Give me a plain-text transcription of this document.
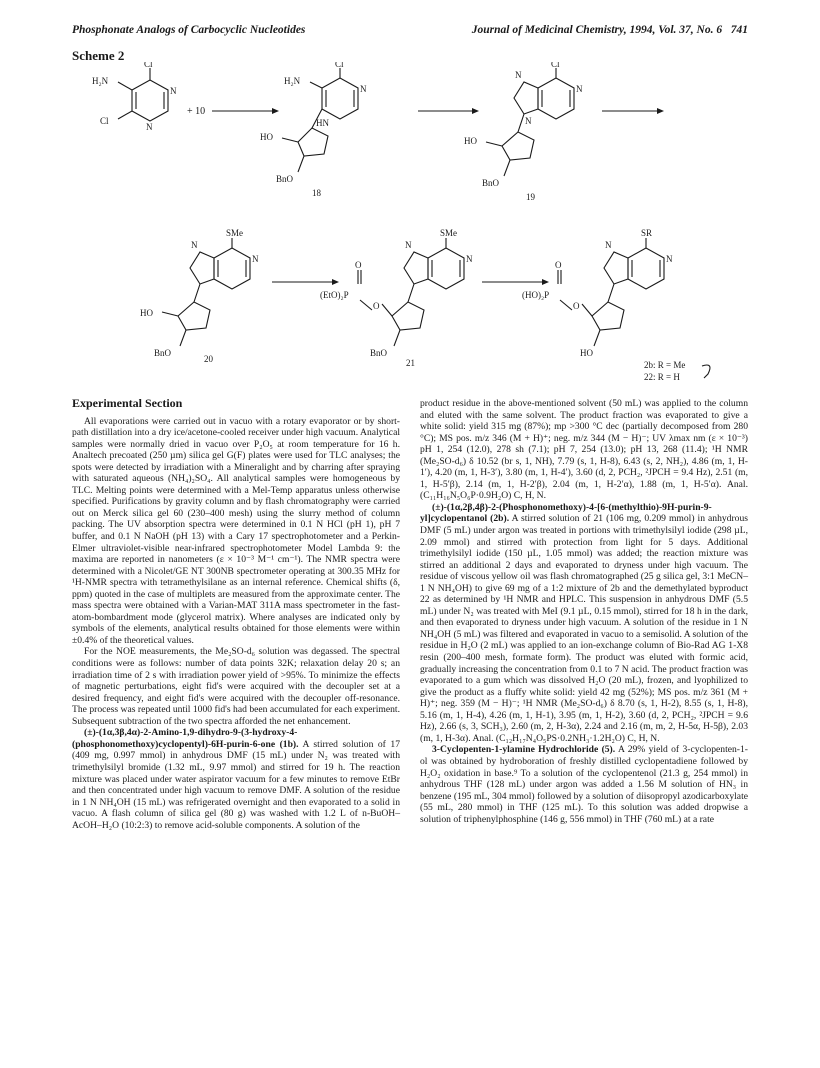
Phosphonate Analogs of Carbocyclic Nucleotides	Journal of Medicinal Chemistry, 1994, Vol. 37, No. 6 741
Scheme 2
Cl
H₂N
N
N
Cl
+ 10
Cl
H₂N
N
HN
HO
BnO
18
Cl
N
N
N
HO
BnO
19
SMe
N
N
HO
BnO
20
SMe
N
N
O
(EtO)₂P
O
BnO
21
SR
N
N
O
(HO)₂P
O
HO
2b: R = Me
22: R = H
Experimental Section

All evaporations were carried out in vacuo with a rotary evaporator or by short-path distillation into a dry ice/acetone-cooled receiver under high vacuum. Analytical samples were normally dried in vacuo over P₂O₅ at room temperature for 16 h. Analtech precoated (250 µm) silica gel G(F) plates were used for TLC analyses; the spots were detected by irradiation with a Mineralight and by charring after spraying with saturated aqueous (NH₄)₂SO₄. All analytical samples were homogeneous by TLC. Melting points were determined with a Mel-Temp apparatus unless otherwise specified. Purifications by gravity column and by flash chromatography were carried out on Merck silica gel 60 (230–400 mesh) using the slurry method of column packing. The UV absorption spectra were determined in 0.1 N HCl (pH 1), pH 7 buffer, and 0.1 N NaOH (pH 13) with a Cary 17 spectrophotometer and a Perkin-Elmer ultraviolet-visible near-infrared spectrophotometer Model Lambda 9: the maxima are reported in nanometers (ε × 10⁻³ M⁻¹ cm⁻¹). The NMR spectra were determined with a Nicolet/GE NT 300NB spectrometer operating at 300.35 MHz for ¹H-NMR spectra with tetramethylsilane as an internal reference. Chemical shifts (δ, ppm) quoted in the case of multiplets are measured from the approximate center. The mass spectra were obtained with a Varian-MAT 311A mass spectrometer in the fast-atom-bombardment mode (glycerol matrix). Where analyses are indicated only by symbols of the elements, analytical results obtained for those elements were within ±0.4% of the theoretical values.

For the NOE measurements, the Me₂SO-d₆ solution was degassed. The spectral conditions were as follows: number of data points 32K; relaxation delay 20 s; an irradiation time of 2 s with irradiation power yield of >95%. To minimize the effects of magnetic perturbations, eight fid's were acquired with the decoupler set at a desired frequency, and eight fid's were acquired with the decoupler off-resonance. The process was repeated until 1000 fid's had been accumulated for each experiment. Subsequent subtraction of the two spectra afforded the net enhancement.

(±)-(1α,3β,4α)-2-Amino-1,9-dihydro-9-(3-hydroxy-4-(phosphonomethoxy)cyclopentyl)-6H-purin-6-one (1b). A stirred solution of 17 (409 mg, 0.997 mmol) in anhydrous DMF (15 mL) under N₂ was treated with trimethylsilyl bromide (1.32 mL, 9.97 mmol) and stirred for 19 h. The reaction mixture was placed under water aspirator vacuum for a few minutes to remove EtBr and then concentrated under high vacuum to remove DMF. A solution of the residue in 1 N NH₄OH (15 mL) was refrigerated overnight and then evaporated to a solid in vacuo. A flash column of silica gel (80 g) was washed with 1.2 L of n-BuOH–AcOH–H₂O (10:2:3) to remove acid-soluble components. A solution of the

product residue in the above-mentioned solvent (50 mL) was applied to the column and eluted with the same solvent. The product fraction was evaporated to give a white solid: yield 315 mg (87%); mp >300 °C dec (partially decomposed from 280 °C); MS pos. m/z 346 (M + H)⁺; neg. m/z 344 (M − H)⁻; UV λmax nm (ε × 10⁻³) pH 1, 254 (12.0), 278 sh (7.1); pH 7, 254 (13.0); pH 13, 268 (11.4); ¹H NMR (Me₂SO-d₆) δ 10.52 (br s, 1, NH), 7.79 (s, 1, H-8), 6.43 (s, 2, NH₂), 4.86 (m, 1, H-1′), 4.20 (m, 1, H-3′), 3.80 (m, 1, H-4′), 3.60 (d, 2, PCH₂, ²JPCH = 9.4 Hz), 2.51 (m, 1, H-5′β), 2.14 (m, 1, H-2′β), 2.04 (m, 1, H-2′α), 1.88 (m, 1, H-5′α). Anal. (C₁₁H₁₆N₅O₆P·0.9H₂O) C, H, N.

(±)-(1α,2β,4β)-2-(Phosphonomethoxy)-4-[6-(methylthio)-9H-purin-9-yl]cyclopentanol (2b). A stirred solution of 21 (106 mg, 0.209 mmol) in anhydrous DMF (5 mL) under argon was treated in portions with trimethylsilyl iodide (298 µL, 2.09 mmol) and stirred with protection from light for 5 days. Additional trimethylsilyl iodide (150 µL, 1.05 mmol) was added; the reaction mixture was stirred an additional 2 days and evaporated to dryness under high vacuum. The residue of viscous yellow oil was flash chromatographed (25 g silica gel, 3:1 MeCN–1 N NH₄OH) to give 69 mg of a 1:2 mixture of 2b and the demethylated byproduct 22 as determined by ¹H NMR and HPLC. This suspension in anhydrous DMF (5.5 mL) under N₂ was treated with MeI (9.1 µL, 0.15 mmol), stirred for 18 h in the dark, and then evaporated to dryness under high vacuum. A solution of the residue in 1 N NH₄OH (5 mL) was filtered and evaporated in vacuo to a semisolid. A solution of the residue in H₂O (2 mL) was applied to an ion-exchange column of Bio-Rad AG 1-X8 resin (200–400 mesh, formate form). The product was eluted with formic acid, gradually increasing the concentration from 0.1 to 7 N acid. The product fraction was evaporated to a gum which was dissolved H₂O (20 mL), frozen, and lyophilized to give the product as a fluffy white solid: yield 42 mg (52%); MS pos. m/z 361 (M + H)⁺; neg. 359 (M − H)⁻; ¹H NMR (Me₂SO-d₆) δ 8.70 (s, 1, H-2), 8.55 (s, 1, H-8), 5.16 (m, 1, H-4), 4.26 (m, 1, H-1), 3.95 (m, 1, H-2), 3.60 (d, 2, PCH₂, ²JPCH = 9.6 Hz), 2.66 (s, 3, SCH₃), 2.60 (m, 2, H-3α), 2.24 and 2.16 (m, m, 2, H-5α, H-5β), 2.03 (m, 1, H-3α). Anal. (C₁₂H₁₇N₄O₅PS·0.2NH₃·1.2H₂O) C, H, N.

3-Cyclopenten-1-ylamine Hydrochloride (5). A 29% yield of 3-cyclopenten-1-ol was obtained by hydroboration of freshly distilled cyclopentadiene followed by H₂O₂ oxidation in base.⁹ To a solution of the cyclopentenol (21.3 g, 254 mmol) in anhydrous THF (128 mL) under argon was added a 1.56 M solution of HN₃ in benzene (195 mL, 304 mmol) followed by a solution of diisopropyl azodicarboxylate (55 mL, 280 mmol) in THF (125 mL). To this solution was added dropwise a solution of triphenylphosphine (146 g, 556 mmol) in THF (760 mL) at a rate
